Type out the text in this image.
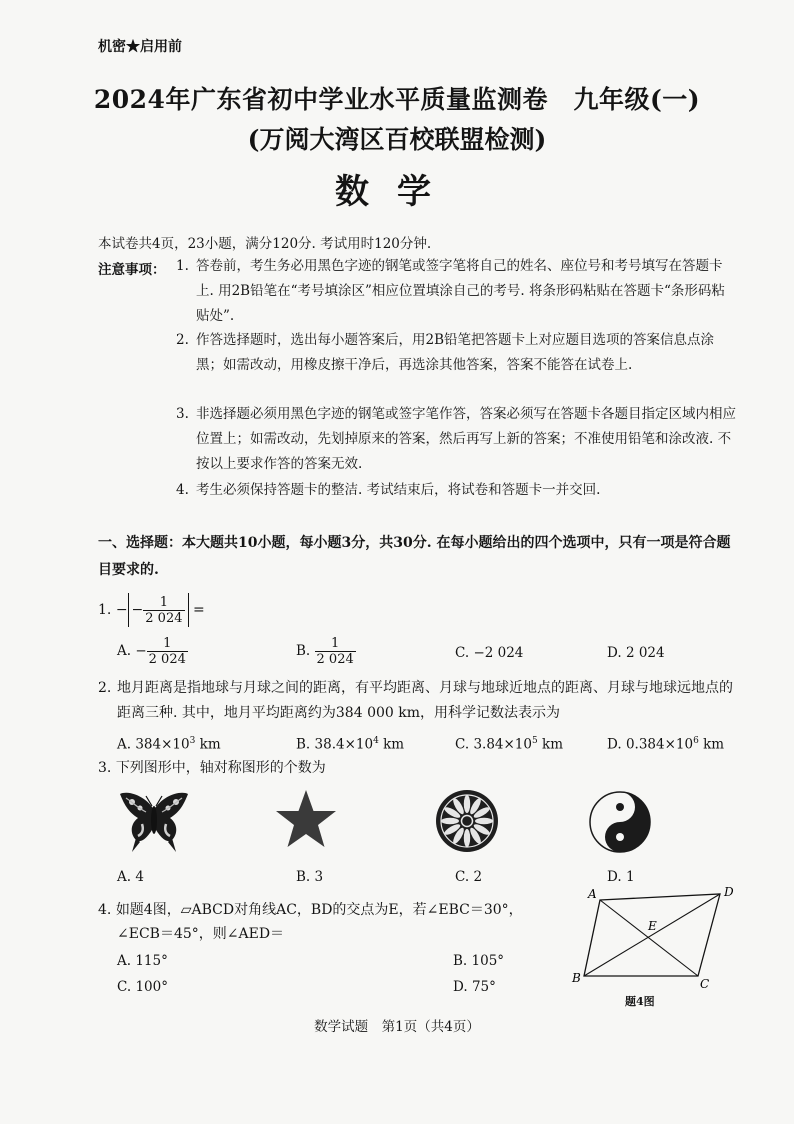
机密★启用前
2024年广东省初中学业水平质量监测卷　九年级(一)
(万阅大湾区百校联盟检测)
数学
本试卷共4页，23小题，满分120分. 考试用时120分钟.
注意事项： 1. 答卷前，考生务必用黑色字迹的钢笔或签字笔将自己的姓名、座位号和考号填写在答题卡上. 用2B铅笔在“考号填涂区”相应位置填涂自己的考号. 将条形码粘贴在答题卡“条形码粘贴处”.
2. 作答选择题时，选出每小题答案后，用2B铅笔把答题卡上对应题目选项的答案信息点涂黑；如需改动，用橡皮擦干净后，再选涂其他答案，答案不能答在试卷上.
3. 非选择题必须用黑色字迹的钢笔或签字笔作答，答案必须写在答题卡各题目指定区域内相应位置上；如需改动，先划掉原来的答案，然后再写上新的答案；不准使用铅笔和涂改液. 不按以上要求作答的答案无效.
4. 考生必须保持答题卡的整洁. 考试结束后，将试卷和答题卡一并交回.
一、选择题：本大题共10小题，每小题3分，共30分. 在每小题给出的四个选项中，只有一项是符合题目要求的.
1. − − $\frac{1}{2 024}$ =
A. − $\frac{1}{2 024}$	B. $\frac{1}{2 024}$	C. −2 024	D. 2 024
2. 地月距离是指地球与月球之间的距离，有平均距离、月球与地球近地点的距离、月球与地球远地点的距离三种. 其中，地月平均距离约为384 000 km，用科学记数法表示为
A. $384\times 10^3$ km	B. $38.4\times 10^4$ km	C. $3.84\times 10^5$ km	D. $0.384\times 10^6$ km
3. 下列图形中，轴对称图形的个数为
A. 4	B. 3	C. 2	D. 1
4. 如题4图，▱ABCD对角线AC，BD的交点为E，若∠EBC＝30°，
∠ECB＝45°，则∠AED＝
A. 115°	B. 105°
C. 100°	D. 75°
A	D
B	C
E
题4图
数学试题　第1页（共4页）
